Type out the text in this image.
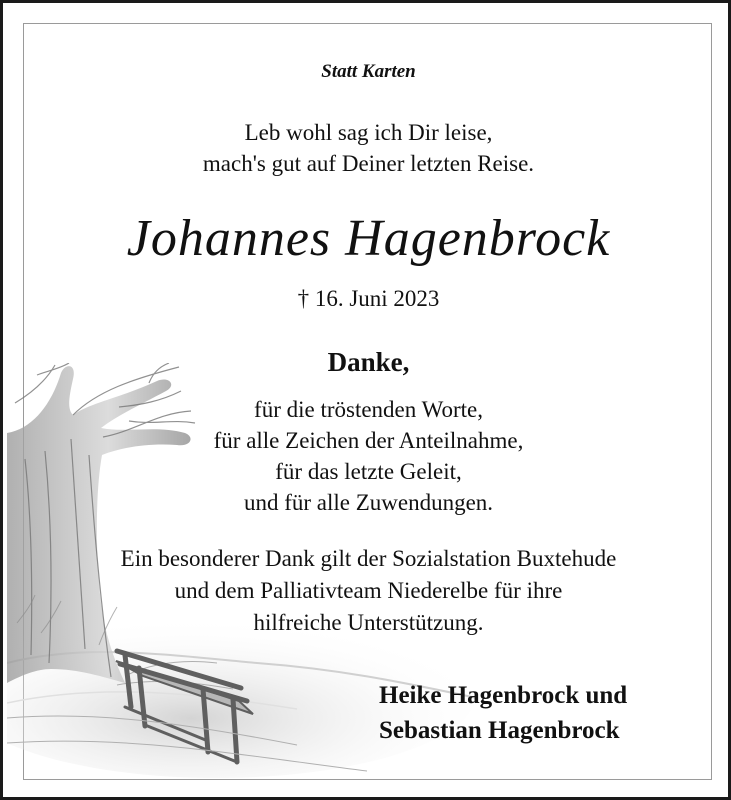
Statt Karten
Leb wohl sag ich Dir leise,
mach's gut auf Deiner letzten Reise.
Johannes Hagenbrock
† 16. Juni 2023
Danke,
für die tröstenden Worte,
für alle Zeichen der Anteilnahme,
für das letzte Geleit,
und für alle Zuwendungen.
Ein besonderer Dank gilt der Sozialstation Buxtehude
und dem Palliativteam Niederelbe für ihre
hilfreiche Unterstützung.
Heike Hagenbrock und
Sebastian Hagenbrock
